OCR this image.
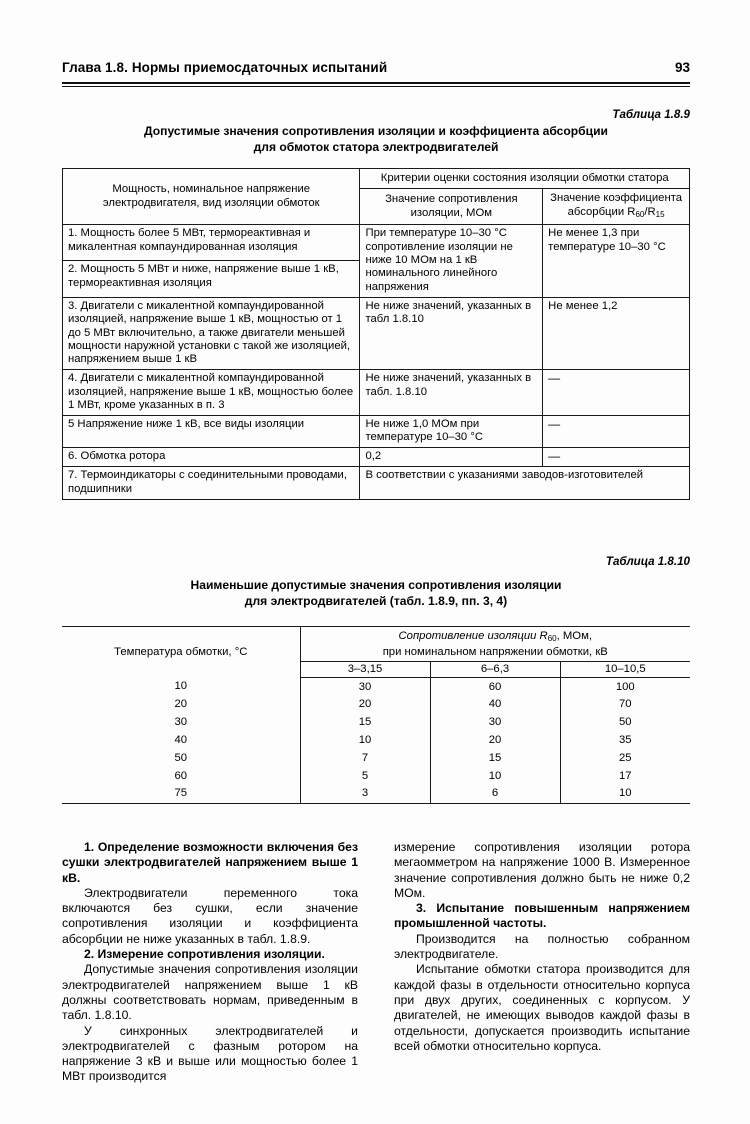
Глава 1.8. Нормы приемосдаточных испытаний	93
Таблица 1.8.9
Допустимые значения сопротивления изоляции и коэффициента абсорбции
для обмоток статора электродвигателей
Мощность, номинальное напряжение электродвигателя, вид изоляции обмоток	Критерии оценки состояния изоляции обмотки статора	
	Значение сопротивления изоляции, МОм	Значение коэффициента абсорбции $R_{60}/R_{15}$
1. Мощность более 5 МВт, термореактивная и микалентная компаундированная изоляция	При температуре 10–30 °С сопротивление изоляции не ниже 10 МОм на 1 кВ номинального линейного напряжения	Не менее 1,3 при температуре 10–30 °С
2. Мощность 5 МВт и ниже, напряжение выше 1 кВ, термореактивная изоляция		
3. Двигатели с микалентной компаундированной изоляцией, напряжение выше 1 кВ, мощностью от 1 до 5 МВт включительно, а также двигатели меньшей мощности наружной установки с такой же изоляцией, напряжением выше 1 кВ	Не ниже значений, указанных в табл 1.8.10	Не менее 1,2
4. Двигатели с микалентной компаундированной изоляцией, напряжение выше 1 кВ, мощностью более 1 МВт, кроме указанных в п. 3	Не ниже значений, указанных в табл. 1.8.10	—
5 Напряжение ниже 1 кВ, все виды изоляции	Не ниже 1,0 МОм при температуре 10–30 °С	—
6. Обмотка ротора	0,2	—
7. Термоиндикаторы с соединительными проводами, подшипники	В соответствии с указаниями заводов-изготовителей	
Таблица 1.8.10
Наименьшие допустимые значения сопротивления изоляции
для электродвигателей (табл. 1.8.9, пп. 3, 4)
Температура обмотки, °С	Сопротивление изоляции $R_{60}$, МОм,
при номинальном напряжении обмотки, кВ		
	3–3,15	6–6,3	10–10,5
10	30	60	100
20	20	40	70
30	15	30	50
40	10	20	35
50	7	15	25
60	5	10	17
75	3	6	10

1. Определение возможности включения без сушки электродвигателей напряжением выше 1 кВ.

Электродвигатели переменного тока включаются без сушки, если значение сопротивления изоляции и коэффициента абсорбции не ниже указанных в табл. 1.8.9.

2. Измерение сопротивления изоляции.

Допустимые значения сопротивления изоляции электродвигателей напряжением выше 1 кВ должны соответствовать нормам, приведенным в табл. 1.8.10.

У синхронных электродвигателей и электродвигателей с фазным ротором на напряжение 3 кВ и выше или мощностью более 1 МВт производится

измерение сопротивления изоляции ротора мегаомметром на напряжение 1000 В. Измеренное значение сопротивления должно быть не ниже 0,2 МОм.

3. Испытание повышенным напряжением промышленной частоты.

Производится на полностью собранном электродвигателе.

Испытание обмотки статора производится для каждой фазы в отдельности относительно корпуса при двух других, соединенных с корпусом. У двигателей, не имеющих выводов каждой фазы в отдельности, допускается производить испытание всей обмотки относительно корпуса.
